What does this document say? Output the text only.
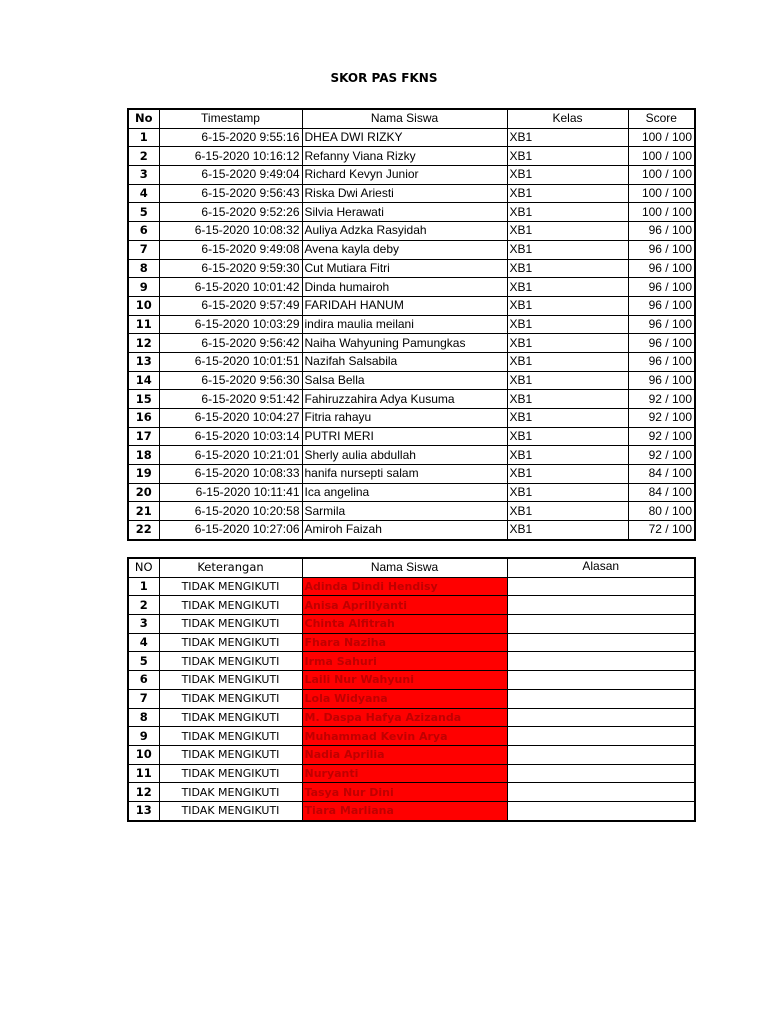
SKOR PAS FKNS
No	Timestamp	Nama Siswa	Kelas	Score
1	6-15-2020 9:55:16	DHEA DWI RIZKY	XB1	100 / 100
2	6-15-2020 10:16:12	Refanny Viana Rizky	XB1	100 / 100
3	6-15-2020 9:49:04	Richard Kevyn Junior	XB1	100 / 100
4	6-15-2020 9:56:43	Riska Dwi Ariesti	XB1	100 / 100
5	6-15-2020 9:52:26	Silvia Herawati	XB1	100 / 100
6	6-15-2020 10:08:32	Auliya Adzka Rasyidah	XB1	96 / 100
7	6-15-2020 9:49:08	Avena kayla deby	XB1	96 / 100
8	6-15-2020 9:59:30	Cut Mutiara Fitri	XB1	96 / 100
9	6-15-2020 10:01:42	Dinda humairoh	XB1	96 / 100
10	6-15-2020 9:57:49	FARIDAH HANUM	XB1	96 / 100
11	6-15-2020 10:03:29	indira maulia meilani	XB1	96 / 100
12	6-15-2020 9:56:42	Naiha Wahyuning Pamungkas	XB1	96 / 100
13	6-15-2020 10:01:51	Nazifah Salsabila	XB1	96 / 100
14	6-15-2020 9:56:30	Salsa Bella	XB1	96 / 100
15	6-15-2020 9:51:42	Fahiruzzahira Adya Kusuma	XB1	92 / 100
16	6-15-2020 10:04:27	Fitria rahayu	XB1	92 / 100
17	6-15-2020 10:03:14	PUTRI MERI	XB1	92 / 100
18	6-15-2020 10:21:01	Sherly aulia abdullah	XB1	92 / 100
19	6-15-2020 10:08:33	hanifa nursepti salam	XB1	84 / 100
20	6-15-2020 10:11:41	Ica angelina	XB1	84 / 100
21	6-15-2020 10:20:58	Sarmila	XB1	80 / 100
22	6-15-2020 10:27:06	Amiroh Faizah	XB1	72 / 100
NO	Keterangan	Nama Siswa	Alasan
1	TIDAK MENGIKUTI	Adinda Dindi Hendisy	
2	TIDAK MENGIKUTI	Anisa Aprillyanti	
3	TIDAK MENGIKUTI	Chinta Alfitrah	
4	TIDAK MENGIKUTI	Fhara Naziha	
5	TIDAK MENGIKUTI	Irma Sahuri	
6	TIDAK MENGIKUTI	Laili Nur Wahyuni	
7	TIDAK MENGIKUTI	Lola Widyana	
8	TIDAK MENGIKUTI	M. Daspa Hafya Azizanda	
9	TIDAK MENGIKUTI	Muhammad Kevin Arya	
10	TIDAK MENGIKUTI	Nadia Aprilia	
11	TIDAK MENGIKUTI	Nuryanti	
12	TIDAK MENGIKUTI	Tasya Nur Dini	
13	TIDAK MENGIKUTI	Tiara Marliana	
